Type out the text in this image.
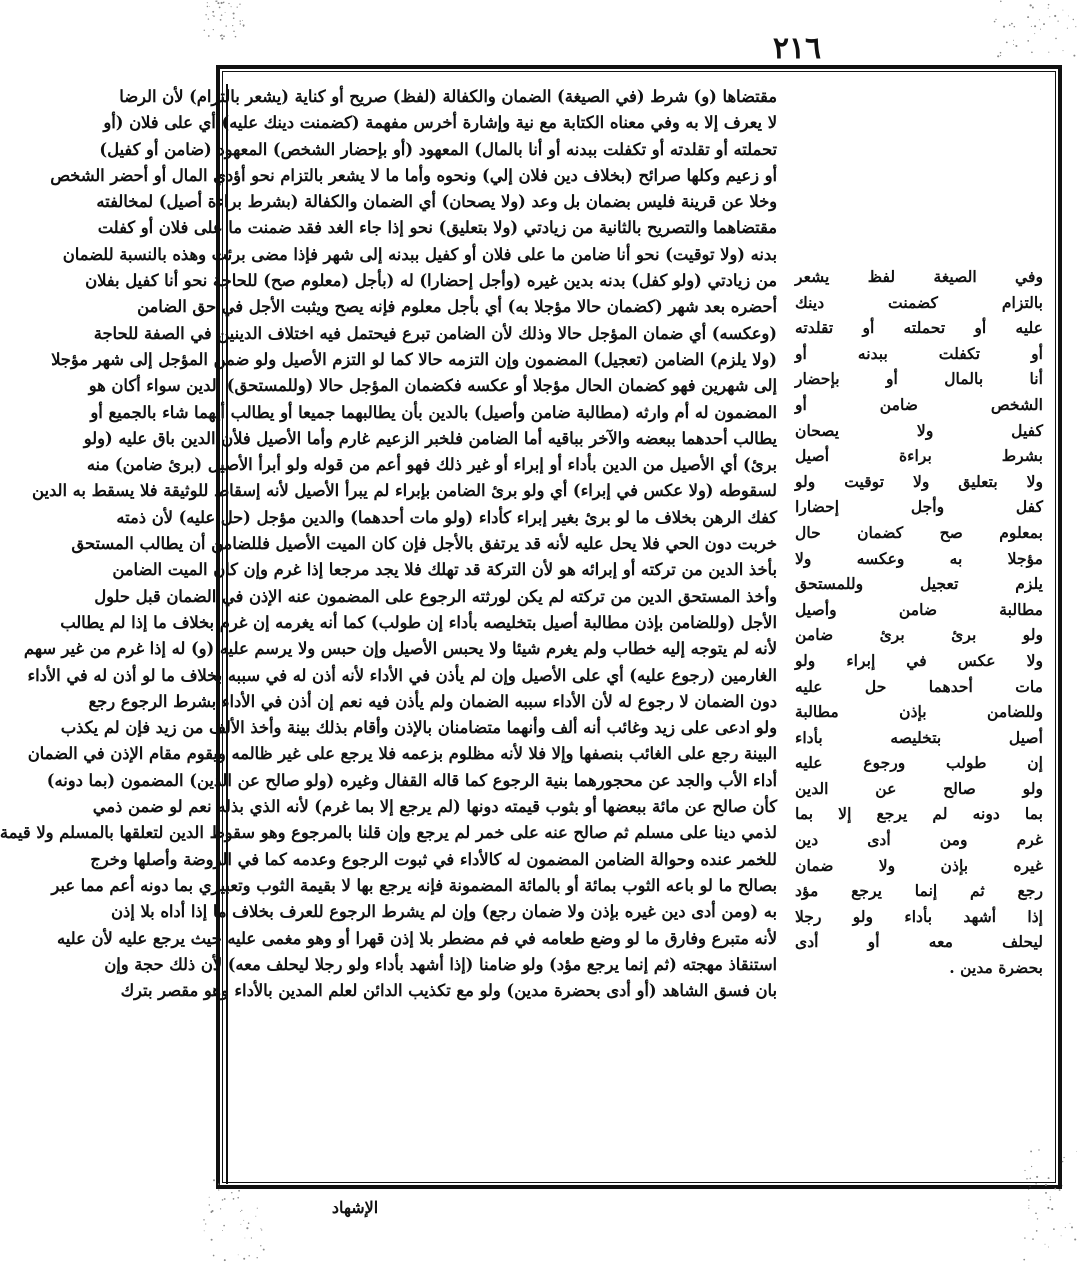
٢١٦
مقتضاها (و) شرط (في الصيغة) الضمان والكفالة (لفظ) صريح أو كناية (يشعر بالتزام) لأن الرضا
لا يعرف إلا به وفي معناه الكتابة مع نية وإشارة أخرس مفهمة (كضمنت دينك عليه) أي على فلان (أو
تحملته أو تقلدته أو تكفلت ببدنه أو أنا بالمال) المعهود (أو بإحضار الشخص) المعهود (ضامن أو كفيل)
أو زعيم وكلها صرائح (بخلاف دين فلان إلي) ونحوه وأما ما لا يشعر بالتزام نحو أؤدي المال أو أحضر الشخص
وخلا عن قرينة فليس بضمان بل وعد (ولا يصحان) أي الضمان والكفالة (بشرط براءة أصيل) لمخالفته
مقتضاهما والتصريح بالثانية من زيادتي (ولا بتعليق) نحو إذا جاء الغد فقد ضمنت ما على فلان أو كفلت
بدنه (ولا توقيت) نحو أنا ضامن ما على فلان أو كفيل ببدنه إلى شهر فإذا مضى برئت وهذه بالنسبة للضمان
من زيادتي (ولو كفل) بدنه بدين غيره (وأجل إحضارا) له (بأجل (معلوم صح) للحاجة نحو أنا كفيل بفلان
أحضره بعد شهر (كضمان حالا مؤجلا به) أي بأجل معلوم فإنه يصح ويثبت الأجل في حق الضامن
(وعكسه) أي ضمان المؤجل حالا وذلك لأن الضامن تبرع فيحتمل فيه اختلاف الدينين في الصفة للحاجة
(ولا يلزم) الضامن (تعجيل) المضمون وإن التزمه حالا كما لو التزم الأصيل ولو ضمن المؤجل إلى شهر مؤجلا
إلى شهرين فهو كضمان الحال مؤجلا أو عكسه فكضمان المؤجل حالا (وللمستحق) الدين سواء أكان هو
المضمون له أم وارثه (مطالبة ضامن وأصيل) بالدين بأن يطالبهما جميعا أو يطالب أيهما شاء بالجميع أو
يطالب أحدهما ببعضه والآخر بباقيه أما الضامن فلخبر الزعيم غارم وأما الأصيل فلأن الدين باق عليه (ولو
برئ) أي الأصيل من الدين بأداء أو إبراء أو غير ذلك فهو أعم من قوله ولو أبرأ الأصيل (برئ ضامن) منه
لسقوطه (ولا عكس في إبراء) أي ولو برئ الضامن بإبراء لم يبرأ الأصيل لأنه إسقاط للوثيقة فلا يسقط به الدين
كفك الرهن بخلاف ما لو برئ بغير إبراء كأداء (ولو مات أحدهما) والدين مؤجل (حل عليه) لأن ذمته
خربت دون الحي فلا يحل عليه لأنه قد يرتفق بالأجل فإن كان الميت الأصيل فللضامن أن يطالب المستحق
بأخذ الدين من تركته أو إبرائه هو لأن التركة قد تهلك فلا يجد مرجعا إذا غرم وإن كان الميت الضامن
وأخذ المستحق الدين من تركته لم يكن لورثته الرجوع على المضمون عنه الإذن في الضمان قبل حلول
الأجل (وللضامن بإذن مطالبة أصيل بتخليصه بأداء إن طولب) كما أنه يغرمه إن غرم بخلاف ما إذا لم يطالب
لأنه لم يتوجه إليه خطاب ولم يغرم شيئا ولا يحبس الأصيل وإن حبس ولا يرسم عليه (و) له إذا غرم من غير سهم
الغارمين (رجوع عليه) أي على الأصيل وإن لم يأذن في الأداء لأنه أذن له في سببه بخلاف ما لو أذن له في الأداء
دون الضمان لا رجوع له لأن الأداء سببه الضمان ولم يأذن فيه نعم إن أذن في الأداء بشرط الرجوع رجع
ولو ادعى على زيد وغائب أنه ألف وأنهما متضامنان بالإذن وأقام بذلك بينة وأخذ الألف من زيد فإن لم يكذب
البينة رجع على الغائب بنصفها وإلا فلا لأنه مظلوم بزعمه فلا يرجع على غير ظالمه ويقوم مقام الإذن في الضمان
أداء الأب والجد عن محجورهما بنية الرجوع كما قاله القفال وغيره (ولو صالح عن الدين) المضمون (بما دونه)
كأن صالح عن مائة ببعضها أو بثوب قيمته دونها (لم يرجع إلا بما غرم) لأنه الذي بذله نعم لو ضمن ذمي
لذمي دينا على مسلم ثم صالح عنه على خمر لم يرجع وإن قلنا بالمرجوع وهو سقوط الدين لتعلقها بالمسلم ولا قيمة
للخمر عنده وحوالة الضامن المضمون له كالأداء في ثبوت الرجوع وعدمه كما في الروضة وأصلها وخرج
بصالح ما لو باعه الثوب بمائة أو بالمائة المضمونة فإنه يرجع بها لا بقيمة الثوب وتعبيري بما دونه أعم مما عبر
به (ومن أدى دين غيره بإذن ولا ضمان رجع) وإن لم يشرط الرجوع للعرف بخلاف ما إذا أداه بلا إذن
لأنه متبرع وفارق ما لو وضع طعامه في فم مضطر بلا إذن قهرا أو وهو مغمى عليه حيث يرجع عليه لأن عليه
استنقاذ مهجته (ثم إنما يرجع مؤد) ولو ضامنا (إذا أشهد بأداء ولو رجلا ليحلف معه) لأن ذلك حجة وإن
بان فسق الشاهد (أو أدى بحضرة مدين) ولو مع تكذيب الدائن لعلم المدين بالأداء وهو مقصر بترك
وفي الصيغة لفظ يشعر
بالتزام كضمنت دينك
عليه أو تحملته أو تقلدته
أو تكفلت ببدنه أو
أنا بالمال أو بإحضار
الشخص ضامن أو
كفيل ولا يصحان
بشرط براءة أصيل
ولا بتعليق ولا توقيت ولو
كفل وأجل إحضارا
بمعلوم صح كضمان حال
مؤجلا به وعكسه ولا
يلزم تعجيل وللمستحق
مطالبة ضامن وأصيل
ولو برئ برئ ضامن
ولا عكس في إبراء ولو
مات أحدهما حل عليه
وللضامن بإذن مطالبة
أصيل بتخليصه بأداء
إن طولب ورجوع عليه
ولو صالح عن الدين
بما دونه لم يرجع إلا بما
غرم ومن أدى دين
غيره بإذن ولا ضمان
رجع ثم إنما يرجع مؤد
إذا أشهد بأداء ولو رجلا
ليحلف معه أو أدى
بحضرة مدين .
الإشهاد
